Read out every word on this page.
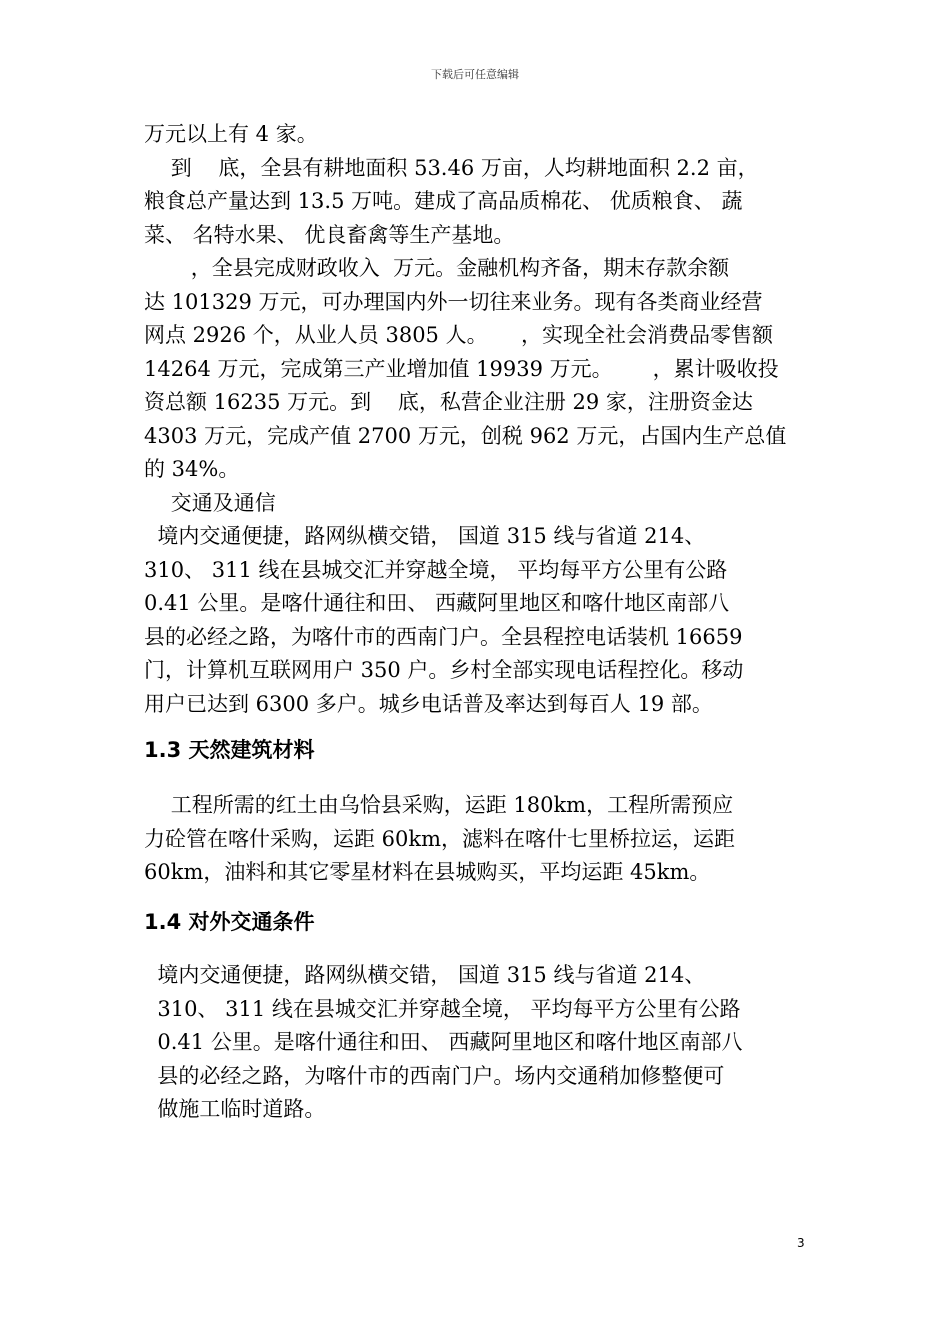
下载后可任意编辑
万元以上有 4 家。
到    底，全县有耕地面积 53.46 万亩，人均耕地面积 2.2 亩，
粮食总产量达到 13.5 万吨。建成了高品质棉花、 优质粮食、 蔬
菜、 名特水果、 优良畜禽等生产基地。
，全县完成财政收入  万元。金融机构齐备，期末存款余额
达 101329 万元，可办理国内外一切往来业务。现有各类商业经营
网点 2926 个，从业人员 3805 人。     ，实现全社会消费品零售额
14264 万元，完成第三产业增加值 19939 万元。      ，累计吸收投
资总额 16235 万元。到    底，私营企业注册 29 家，注册资金达
4303 万元，完成产值 2700 万元，创税 962 万元，占国内生产总值
的 34%。
交通及通信
境内交通便捷，路网纵横交错， 国道 315 线与省道 214、
310、 311 线在县城交汇并穿越全境， 平均每平方公里有公路
0.41 公里。是喀什通往和田、 西藏阿里地区和喀什地区南部八
县的必经之路，为喀什市的西南门户。全县程控电话装机 16659
门，计算机互联网用户 350 户。乡村全部实现电话程控化。移动
用户已达到 6300 多户。城乡电话普及率达到每百人 19 部。
1.3 天然建筑材料
工程所需的红土由乌恰县采购，运距 180km，工程所需预应
力砼管在喀什采购，运距 60km，滤料在喀什七里桥拉运，运距
60km，油料和其它零星材料在县城购买，平均运距 45km。
1.4 对外交通条件
境内交通便捷，路网纵横交错， 国道 315 线与省道 214、
310、 311 线在县城交汇并穿越全境， 平均每平方公里有公路
0.41 公里。是喀什通往和田、 西藏阿里地区和喀什地区南部八
县的必经之路，为喀什市的西南门户。场内交通稍加修整便可
做施工临时道路。
3
